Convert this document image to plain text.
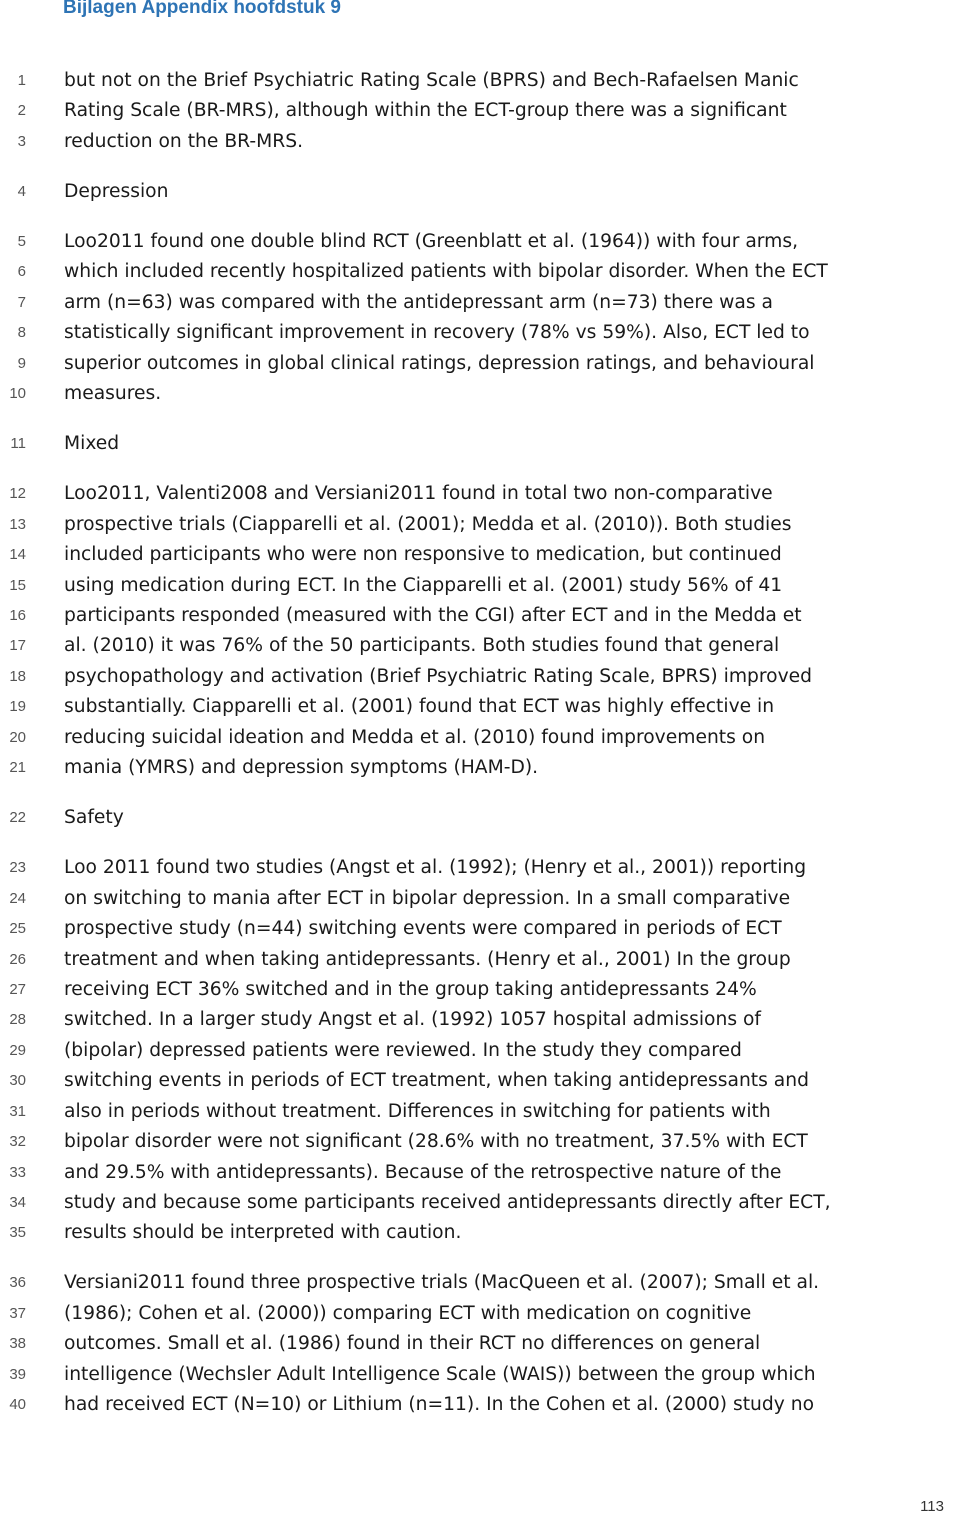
Bijlagen Appendix hoofdstuk 9
1 but not on the Brief Psychiatric Rating Scale (BPRS) and Bech-Rafaelsen Manic
2 Rating Scale (BR-MRS), although within the ECT-group there was a significant
3 reduction on the BR-MRS.
4 Depression
5 Loo2011 found one double blind RCT (Greenblatt et al. (1964)) with four arms,
6 which included recently hospitalized patients with bipolar disorder. When the ECT
7 arm (n=63) was compared with the antidepressant arm (n=73) there was a
8 statistically significant improvement in recovery (78% vs 59%). Also, ECT led to
9 superior outcomes in global clinical ratings, depression ratings, and behavioural
10 measures.
11 Mixed
12 Loo2011, Valenti2008 and Versiani2011 found in total two non-comparative
13 prospective trials (Ciapparelli et al. (2001); Medda et al. (2010)). Both studies
14 included participants who were non responsive to medication, but continued
15 using medication during ECT. In the Ciapparelli et al. (2001) study 56% of 41
16 participants responded (measured with the CGI) after ECT and in the Medda et
17 al. (2010) it was 76% of the 50 participants. Both studies found that general
18 psychopathology and activation (Brief Psychiatric Rating Scale, BPRS) improved
19 substantially. Ciapparelli et al. (2001) found that ECT was highly effective in
20 reducing suicidal ideation and Medda et al. (2010) found improvements on
21 mania (YMRS) and depression symptoms (HAM-D).
22 Safety
23 Loo 2011 found two studies (Angst et al. (1992); (Henry et al., 2001)) reporting
24 on switching to mania after ECT in bipolar depression. In a small comparative
25 prospective study (n=44) switching events were compared in periods of ECT
26 treatment and when taking antidepressants. (Henry et al., 2001) In the group
27 receiving ECT 36% switched and in the group taking antidepressants 24%
28 switched. In a larger study Angst et al. (1992) 1057 hospital admissions of
29 (bipolar) depressed patients were reviewed. In the study they compared
30 switching events in periods of ECT treatment, when taking antidepressants and
31 also in periods without treatment. Differences in switching for patients with
32 bipolar disorder were not significant (28.6% with no treatment, 37.5% with ECT
33 and 29.5% with antidepressants). Because of the retrospective nature of the
34 study and because some participants received antidepressants directly after ECT,
35 results should be interpreted with caution.
36 Versiani2011 found three prospective trials (MacQueen et al. (2007); Small et al.
37 (1986); Cohen et al. (2000)) comparing ECT with medication on cognitive
38 outcomes. Small et al. (1986) found in their RCT no differences on general
39 intelligence (Wechsler Adult Intelligence Scale (WAIS)) between the group which
40 had received ECT (N=10) or Lithium (n=11). In the Cohen et al. (2000) study no
113
